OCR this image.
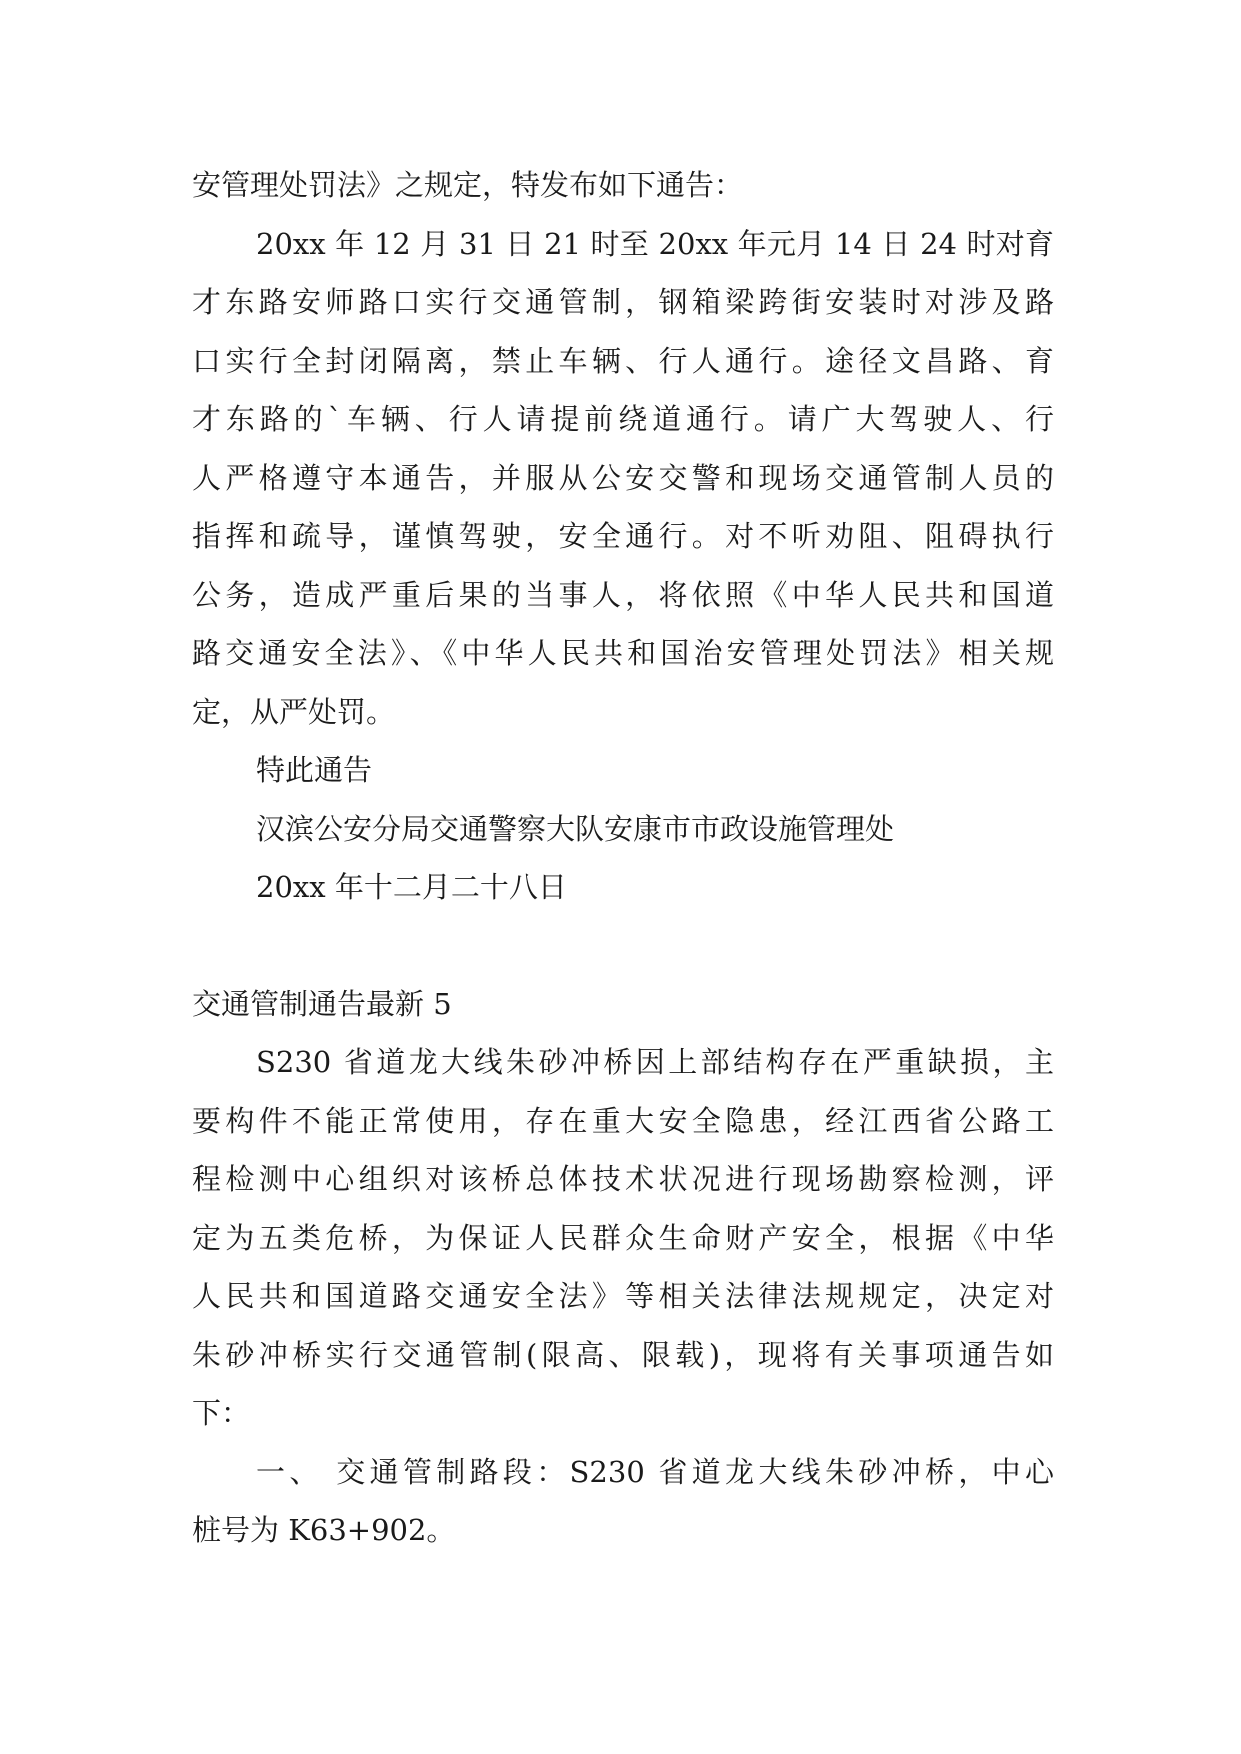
安管理处罚法》之规定，特发布如下通告：
20xx 年 12 月 31 日 21 时至 20xx 年元月 14 日 24 时对育
才东路安师路口实行交通管制，钢箱梁跨街安装时对涉及路
口实行全封闭隔离，禁止车辆、行人通行。途径文昌路、育
才东路的`车辆、行人请提前绕道通行。请广大驾驶人、行
人严格遵守本通告，并服从公安交警和现场交通管制人员的
指挥和疏导，谨慎驾驶，安全通行。对不听劝阻、阻碍执行
公务，造成严重后果的当事人，将依照《中华人民共和国道
路交通安全法》、《中华人民共和国治安管理处罚法》相关规
定，从严处罚。
特此通告
汉滨公安分局交通警察大队安康市市政设施管理处
20xx 年十二月二十八日
交通管制通告最新 5
S230 省道龙大线朱砂冲桥因上部结构存在严重缺损，主
要构件不能正常使用，存在重大安全隐患，经江西省公路工
程检测中心组织对该桥总体技术状况进行现场勘察检测，评
定为五类危桥，为保证人民群众生命财产安全，根据《中华
人民共和国道路交通安全法》等相关法律法规规定，决定对
朱砂冲桥实行交通管制(限高、限载)，现将有关事项通告如
下：
一、 交通管制路段：S230 省道龙大线朱砂冲桥，中心
桩号为 K63+902。
